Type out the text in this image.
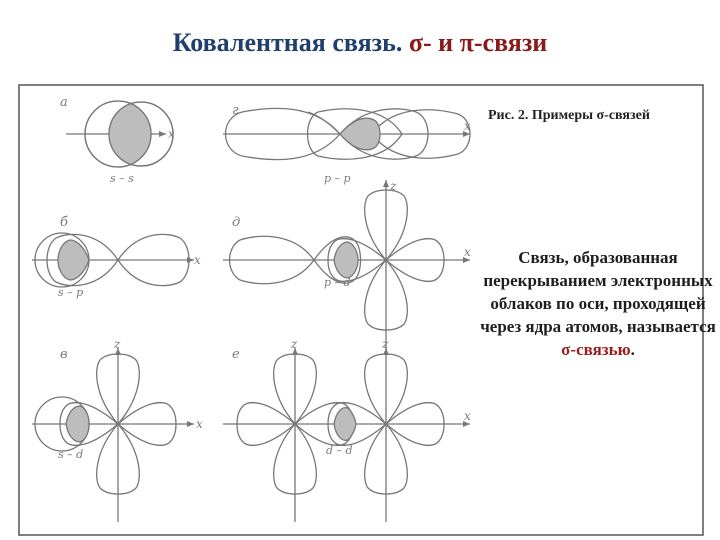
Ковалентная связь. σ- и π-связи
а
s – s
x
г
p – p
x
б
s – p
x
д
p – d
x
z
в
s – d
x
z
е
d – d
x
z	z
Рис. 2. Примеры σ-связей
Связь, образованная перекрыванием электронных облаков по оси, проходящей через ядра атомов, называется σ-связью.
